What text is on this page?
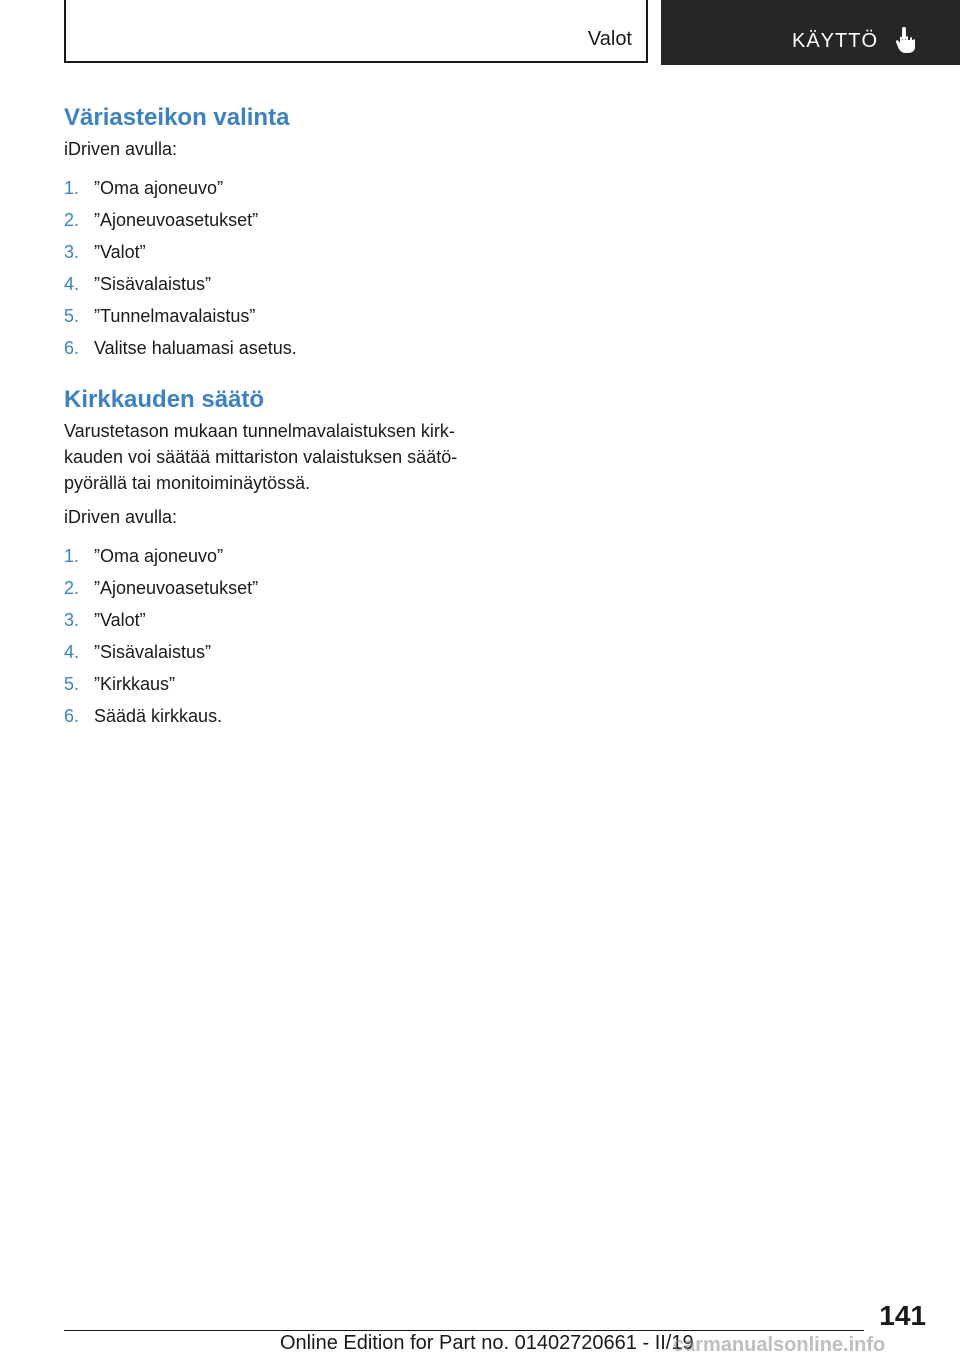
Valot	KÄYTTÖ
Väriasteikon valinta

iDriven avulla:

1. ”Oma ajoneuvo”
2. ”Ajoneuvoasetukset”
3. ”Valot”
4. ”Sisävalaistus”
5. ”Tunnelmavalaistus”
6. Valitse haluamasi asetus.
Kirkkauden säätö

Varustetason mukaan tunnelmavalaistuksen kirk-
kauden voi säätää mittariston valaistuksen säätö-
pyörällä tai monitoiminäytössä.

iDriven avulla:

1. ”Oma ajoneuvo”
2. ”Ajoneuvoasetukset”
3. ”Valot”
4. ”Sisävalaistus”
5. ”Kirkkaus”
6. Säädä kirkkaus.
141
Online Edition for Part no. 01402720661 - II/19
carmanualsonline.info
